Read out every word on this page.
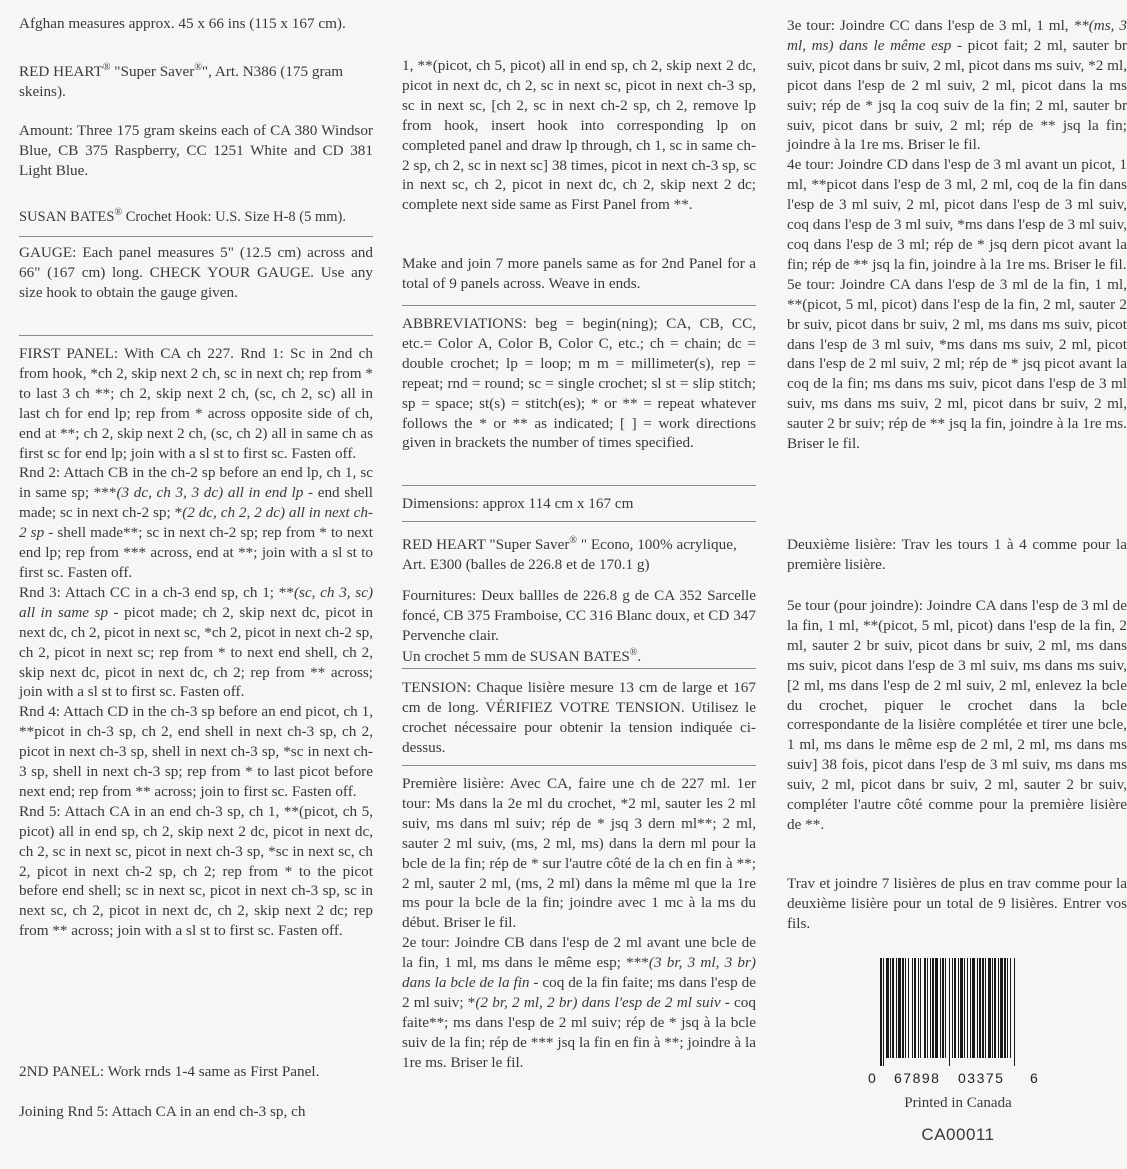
Afghan measures approx. 45 x 66 ins (115 x 167 cm).
RED HEART® "Super Saver®", Art. N386 (175 gram skeins).
Amount: Three 175 gram skeins each of CA 380 Windsor Blue, CB 375 Raspberry, CC 1251 White and CD 381 Light Blue.
SUSAN BATES® Crochet Hook: U.S. Size H-8 (5 mm).
GAUGE: Each panel measures 5" (12.5 cm) across and 66" (167 cm) long. CHECK YOUR GAUGE. Use any size hook to obtain the gauge given.
FIRST PANEL: With CA ch 227. Rnd 1: Sc in 2nd ch from hook, *ch 2, skip next 2 ch, sc in next ch; rep from * to last 3 ch **; ch 2, skip next 2 ch, (sc, ch 2, sc) all in last ch for end lp; rep from * across opposite side of ch, end at **; ch 2, skip next 2 ch, (sc, ch 2) all in same ch as first sc for end lp; join with a sl st to first sc. Fasten off.
Rnd 2: Attach CB in the ch-2 sp before an end lp, ch 1, sc in same sp; ***(3 dc, ch 3, 3 dc) all in end lp - end shell made; sc in next ch-2 sp; *(2 dc, ch 2, 2 dc) all in next ch-2 sp - shell made**; sc in next ch-2 sp; rep from * to next end lp; rep from *** across, end at **; join with a sl st to first sc. Fasten off.
Rnd 3: Attach CC in a ch-3 end sp, ch 1; **(sc, ch 3, sc) all in same sp - picot made; ch 2, skip next dc, picot in next dc, ch 2, picot in next sc, *ch 2, picot in next ch-2 sp, ch 2, picot in next sc; rep from * to next end shell, ch 2, skip next dc, picot in next dc, ch 2; rep from ** across; join with a sl st to first sc. Fasten off.
Rnd 4: Attach CD in the ch-3 sp before an end picot, ch 1, **picot in ch-3 sp, ch 2, end shell in next ch-3 sp, ch 2, picot in next ch-3 sp, shell in next ch-3 sp, *sc in next ch-3 sp, shell in next ch-3 sp; rep from * to last picot before next end; rep from ** across; join to first sc. Fasten off.
Rnd 5: Attach CA in an end ch-3 sp, ch 1, **(picot, ch 5, picot) all in end sp, ch 2, skip next 2 dc, picot in next dc, ch 2, sc in next sc, picot in next ch-3 sp, *sc in next sc, ch 2, picot in next ch-2 sp, ch 2; rep from * to the picot before end shell; sc in next sc, picot in next ch-3 sp, sc in next sc, ch 2, picot in next dc, ch 2, skip next 2 dc; rep from ** across; join with a sl st to first sc. Fasten off.
2ND PANEL: Work rnds 1-4 same as First Panel.
Joining Rnd 5: Attach CA in an end ch-3 sp, ch
1, **(picot, ch 5, picot) all in end sp, ch 2, skip next 2 dc, picot in next dc, ch 2, sc in next sc, picot in next ch-3 sp, sc in next sc, [ch 2, sc in next ch-2 sp, ch 2, remove lp from hook, insert hook into corresponding lp on completed panel and draw lp through, ch 1, sc in same ch-2 sp, ch 2, sc in next sc] 38 times, picot in next ch-3 sp, sc in next sc, ch 2, picot in next dc, ch 2, skip next 2 dc; complete next side same as First Panel from **.
Make and join 7 more panels same as for 2nd Panel for a total of 9 panels across. Weave in ends.
ABBREVIATIONS: beg = begin(ning); CA, CB, CC, etc.= Color A, Color B, Color C, etc.; ch = chain; dc = double crochet; lp = loop; m m = millimeter(s), rep = repeat; rnd = round; sc = single crochet; sl st = slip stitch; sp = space; st(s) = stitch(es); * or ** = repeat whatever follows the * or ** as indicated; [ ] = work directions given in brackets the number of times specified.
Dimensions: approx 114 cm x 167 cm
RED HEART "Super Saver® " Econo, 100% acrylique, Art. E300 (balles de 226.8 et de 170.1 g)
Fournitures: Deux ballles de 226.8 g de CA 352 Sarcelle foncé, CB 375 Framboise, CC 316 Blanc doux, et CD 347 Pervenche clair.
Un crochet 5 mm de SUSAN BATES®.
TENSION: Chaque lisière mesure 13 cm de large et 167 cm de long. VÉRIFIEZ VOTRE TENSION. Utilisez le crochet nécessaire pour obtenir la tension indiquée ci-dessus.
Première lisière: Avec CA, faire une ch de 227 ml. 1er tour: Ms dans la 2e ml du crochet, *2 ml, sauter les 2 ml suiv, ms dans ml suiv; rép de * jsq 3 dern ml**; 2 ml, sauter 2 ml suiv, (ms, 2 ml, ms) dans la dern ml pour la bcle de la fin; rép de * sur l'autre côté de la ch en fin à **; 2 ml, sauter 2 ml, (ms, 2 ml) dans la même ml que la 1re ms pour la bcle de la fin; joindre avec 1 mc à la ms du début. Briser le fil.
2e tour: Joindre CB dans l'esp de 2 ml avant une bcle de la fin, 1 ml, ms dans le même esp; ***(3 br, 3 ml, 3 br) dans la bcle de la fin - coq de la fin faite; ms dans l'esp de 2 ml suiv; *(2 br, 2 ml, 2 br) dans l'esp de 2 ml suiv - coq faite**; ms dans l'esp de 2 ml suiv; rép de * jsq à la bcle suiv de la fin; rép de *** jsq la fin en fin à **; joindre à la 1re ms. Briser le fil.
3e tour: Joindre CC dans l'esp de 3 ml, 1 ml, **(ms, 3 ml, ms) dans le même esp - picot fait; 2 ml, sauter br suiv, picot dans br suiv, 2 ml, picot dans ms suiv, *2 ml, picot dans l'esp de 2 ml suiv, 2 ml, picot dans la ms suiv; rép de * jsq la coq suiv de la fin; 2 ml, sauter br suiv, picot dans br suiv, 2 ml; rép de ** jsq la fin; joindre à la 1re ms. Briser le fil.
4e tour: Joindre CD dans l'esp de 3 ml avant un picot, 1 ml, **picot dans l'esp de 3 ml, 2 ml, coq de la fin dans l'esp de 3 ml suiv, 2 ml, picot dans l'esp de 3 ml suiv, coq dans l'esp de 3 ml suiv, *ms dans l'esp de 3 ml suiv, coq dans l'esp de 3 ml; rép de * jsq dern picot avant la fin; rép de ** jsq la fin, joindre à la 1re ms. Briser le fil.
5e tour: Joindre CA dans l'esp de 3 ml de la fin, 1 ml, **(picot, 5 ml, picot) dans l'esp de la fin, 2 ml, sauter 2 br suiv, picot dans br suiv, 2 ml, ms dans ms suiv, picot dans l'esp de 3 ml suiv, *ms dans ms suiv, 2 ml, picot dans l'esp de 2 ml suiv, 2 ml; rép de * jsq picot avant la coq de la fin; ms dans ms suiv, picot dans l'esp de 3 ml suiv, ms dans ms suiv, 2 ml, picot dans br suiv, 2 ml, sauter 2 br suiv; rép de ** jsq la fin, joindre à la 1re ms. Briser le fil.
Deuxième lisière: Trav les tours 1 à 4 comme pour la première lisière.
5e tour (pour joindre): Joindre CA dans l'esp de 3 ml de la fin, 1 ml, **(picot, 5 ml, picot) dans l'esp de la fin, 2 ml, sauter 2 br suiv, picot dans br suiv, 2 ml, ms dans ms suiv, picot dans l'esp de 3 ml suiv, ms dans ms suiv, [2 ml, ms dans l'esp de 2 ml suiv, 2 ml, enlevez la bcle du crochet, piquer le crochet dans la bcle correspondante de la lisière complétée et tirer une bcle, 1 ml, ms dans le même esp de 2 ml, 2 ml, ms dans ms suiv] 38 fois, picot dans l'esp de 3 ml suiv, ms dans ms suiv, 2 ml, picot dans br suiv, 2 ml, sauter 2 br suiv, compléter l'autre côté comme pour la première lisière de **.
Trav et joindre 7 lisières de plus en trav comme pour la deuxième lisière pour un total de 9 lisières. Entrer vos fils.
0 67898 03375 6
Printed in Canada
CA00011
